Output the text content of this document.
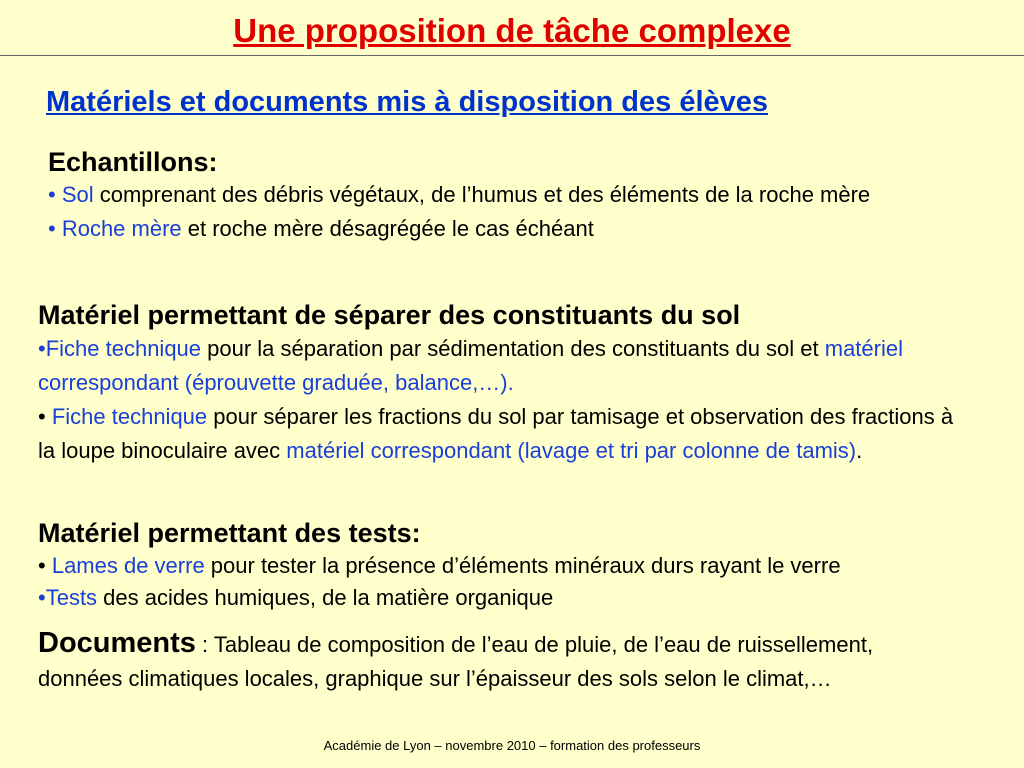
Une proposition de tâche complexe
Matériels et documents mis à disposition des élèves

Echantillons:

• Sol comprenant des débris végétaux, de l’humus et des éléments de la roche mère

• Roche mère et roche mère désagrégée le cas échéant

Matériel permettant de séparer des constituants du sol

•Fiche technique pour la séparation par sédimentation des constituants du sol et matériel correspondant (éprouvette graduée, balance,…).

• Fiche technique pour séparer les fractions du sol par tamisage et observation des fractions à la loupe binoculaire avec matériel correspondant (lavage et tri par colonne de tamis).

Matériel permettant des tests:

• Lames de verre pour tester la présence d’éléments minéraux durs rayant le verre

•Tests des acides humiques, de la matière organique

Documents : Tableau de composition de l’eau de pluie, de l’eau de ruissellement, données climatiques locales, graphique sur l’épaisseur des sols selon le climat,…

Académie de Lyon – novembre 2010 – formation des professeurs
